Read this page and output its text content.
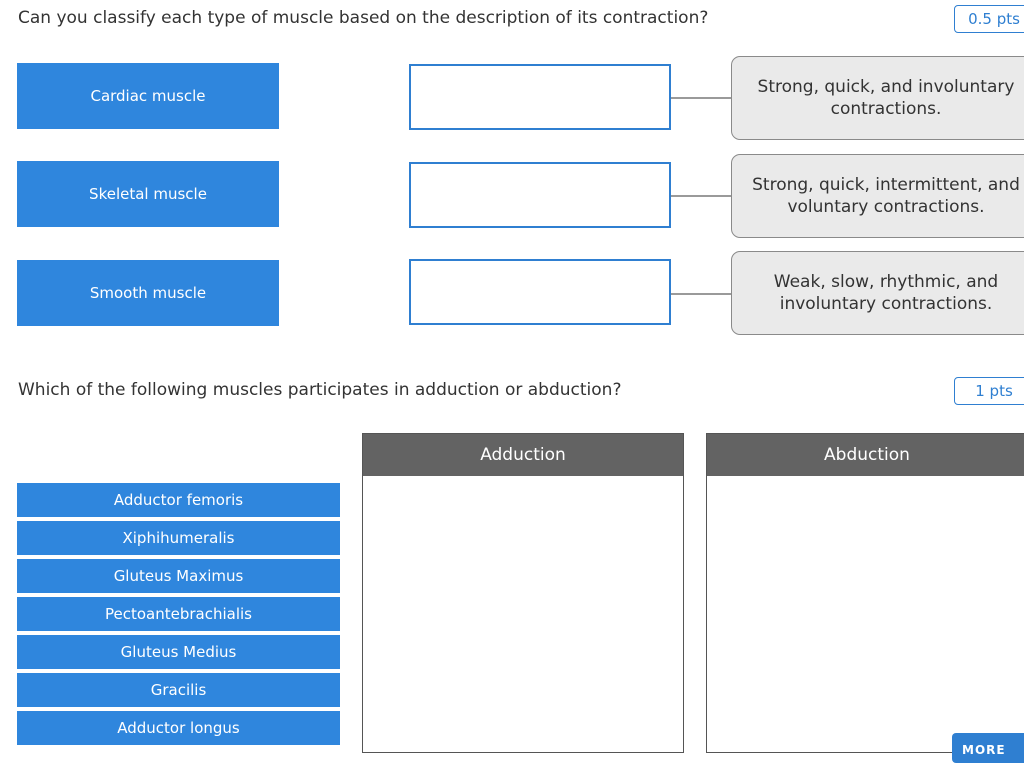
Can you classify each type of muscle based on the description of its contraction?	0.5 pts
Cardiac muscle
Skeletal muscle
Smooth muscle
Strong, quick, and involuntary contractions.
Strong, quick, intermittent, and voluntary contractions.
Weak, slow, rhythmic, and involuntary contractions.
Which of the following muscles participates in adduction or abduction?	1 pts
Adductor femoris
Xiphihumeralis
Gluteus Maximus
Pectoantebrachialis
Gluteus Medius
Gracilis
Adductor longus
Adduction	Abduction
MORE
